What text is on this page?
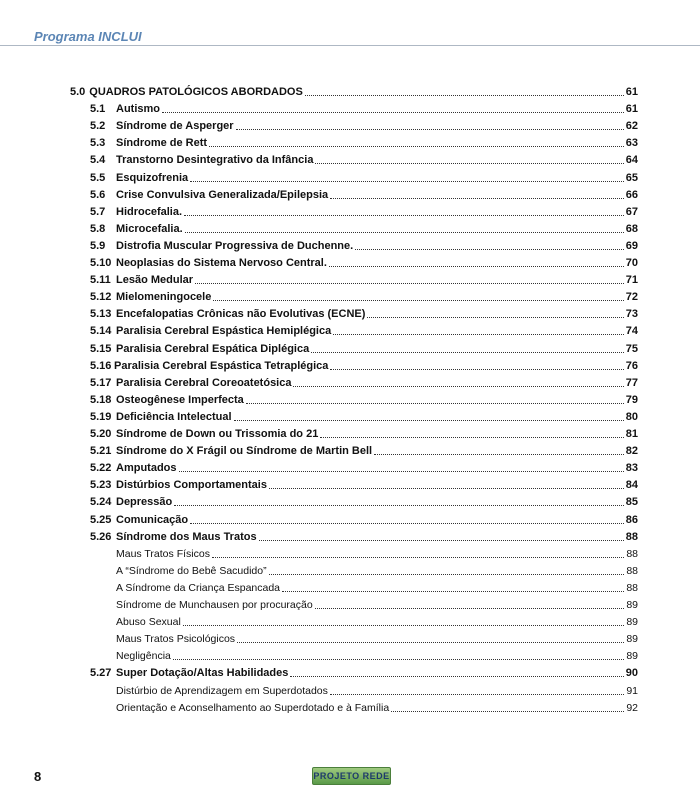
Programa INCLUI
5.0 QUADROS PATOLÓGICOS ABORDADOS	61
5.1 Autismo	61
5.2 Síndrome de Asperger	62
5.3 Síndrome de Rett	63
5.4 Transtorno Desintegrativo da Infância	64
5.5 Esquizofrenia	65
5.6 Crise Convulsiva Generalizada/Epilepsia	66
5.7 Hidrocefalia.	67
5.8 Microcefalia.	68
5.9 Distrofia Muscular Progressiva de Duchenne.	69
5.10 Neoplasias do Sistema Nervoso Central.	70
5.11 Lesão Medular	71
5.12 Mielomeningocele	72
5.13 Encefalopatias Crônicas não Evolutivas (ECNE)	73
5.14 Paralisia Cerebral Espástica Hemiplégica	74
5.15 Paralisia Cerebral Espática Diplégica	75
5.16 Paralisia Cerebral Espástica Tetraplégica	76
5.17 Paralisia Cerebral Coreoatetósica	77
5.18 Osteogênese Imperfecta	79
5.19 Deficiência Intelectual	80
5.20 Síndrome de Down ou Trissomia do 21	81
5.21 Síndrome do X Frágil ou Síndrome de Martin Bell	82
5.22 Amputados	83
5.23 Distúrbios Comportamentais	84
5.24 Depressão	85
5.25 Comunicação	86
5.26 Síndrome dos Maus Tratos	88
Maus Tratos Físicos	88
A “Síndrome do Bebê Sacudido”	88
A Síndrome da Criança Espancada	88
Síndrome de Munchausen por procuração	89
Abuso Sexual	89
Maus Tratos Psicológicos	89
Negligência	89
5.27 Super Dotação/Altas Habilidades	90
Distúrbio de Aprendizagem em Superdotados	91
Orientação e Aconselhamento ao Superdotado e à Família	92
8	PROJETO REDE
